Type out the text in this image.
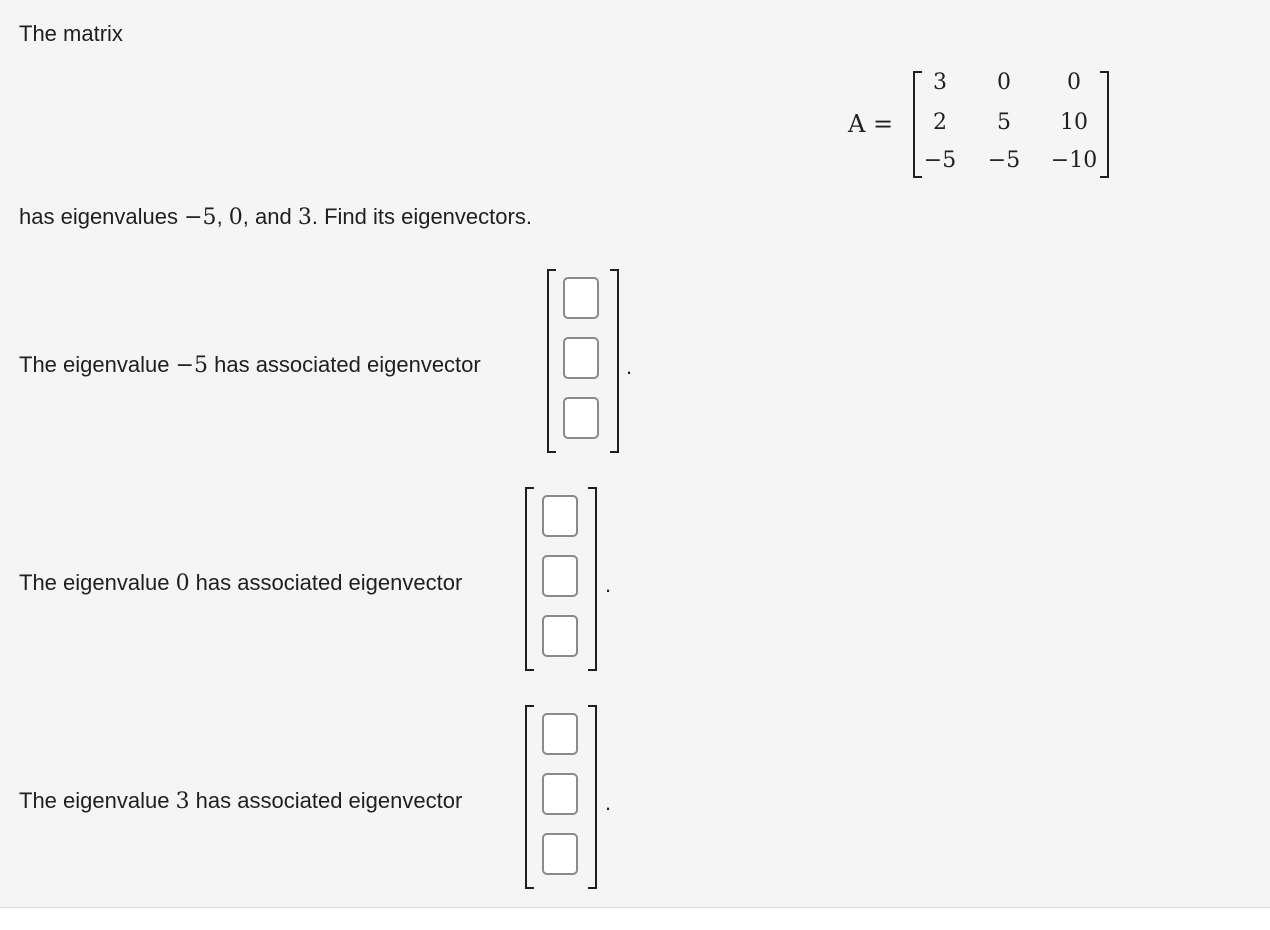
The matrix
A =
3	0	0
2	5	10
−5	−5	−10
has eigenvalues −5, 0, and 3. Find its eigenvectors.
The eigenvalue −5 has associated eigenvector	.
The eigenvalue 0 has associated eigenvector	.
The eigenvalue 3 has associated eigenvector	.
